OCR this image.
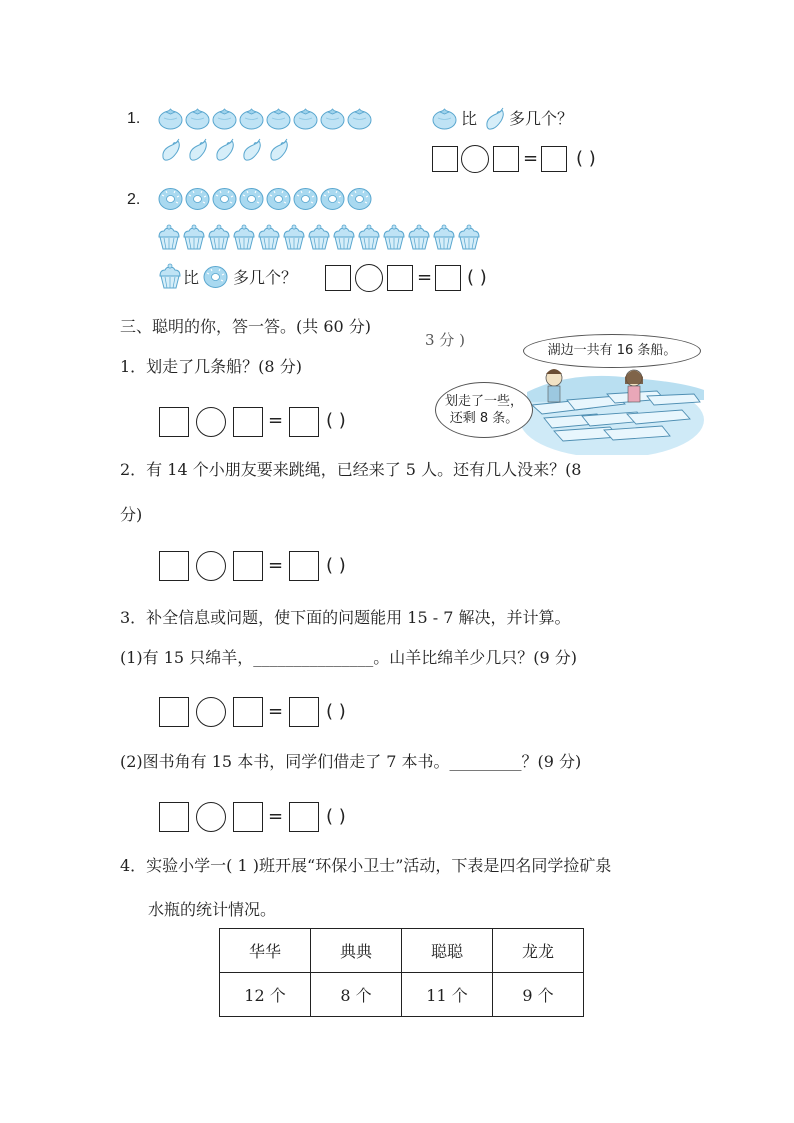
1.	比 多几个？
= ( )
2.
比 多几个？	= ( )
三、聪明的你，答一答。(共 60 分)
3 分 )
湖边一共有 16 条船。
划走了一些，
还剩 8 条。
1．划走了几条船？(8 分)
= ( )
2．有 14 个小朋友要来跳绳，已经来了 5 人。还有几人没来？(8
分)
= ( )
3．补全信息或问题，使下面的问题能用 15 - 7 解决，并计算。
(1)有 15 只绵羊，_______________。山羊比绵羊少几只？(9 分)
= ( )
(2)图书角有 15 本书，同学们借走了 7 本书。_________？(9 分)
= ( )
4．实验小学一( 1 )班开展“环保小卫士”活动，下表是四名同学捡矿泉
水瓶的统计情况。
华华	典典	聪聪	龙龙
12 个	8 个	11 个	9 个
